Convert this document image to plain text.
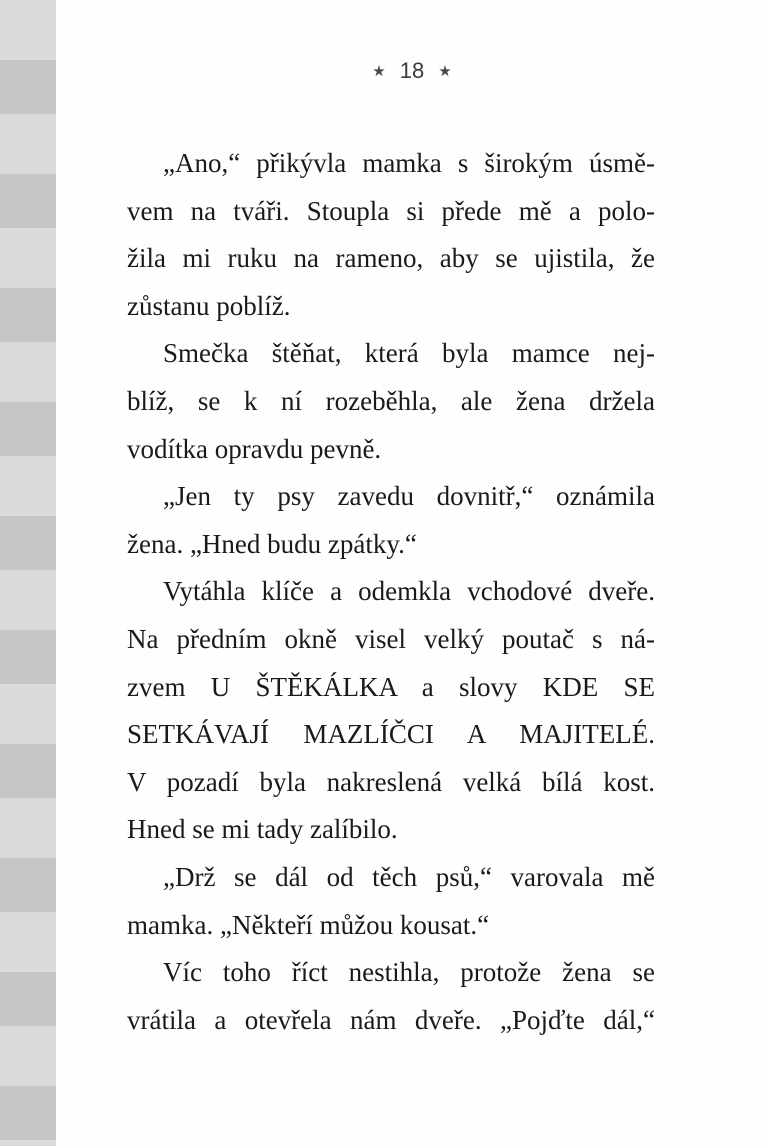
★ 18 ★
„Ano,“ přikývla mamka s širokým úsmě-
vem na tváři. Stoupla si přede mě a polo-
žila mi ruku na rameno, aby se ujistila, že
zůstanu poblíž.
Smečka štěňat, která byla mamce nej-
blíž, se k ní rozeběhla, ale žena držela
vodítka opravdu pevně.
„Jen ty psy zavedu dovnitř,“ oznámila
žena. „Hned budu zpátky.“
Vytáhla klíče a odemkla vchodové dveře.
Na předním okně visel velký poutač s ná-
zvem U ŠTĚKÁLKA a slovy KDE SE
SETKÁVAJÍ MAZLÍČCI A MAJITELÉ.
V pozadí byla nakreslená velká bílá kost.
Hned se mi tady zalíbilo.
„Drž se dál od těch psů,“ varovala mě
mamka. „Někteří můžou kousat.“
Víc toho říct nestihla, protože žena se
vrátila a otevřela nám dveře. „Pojďte dál,“
